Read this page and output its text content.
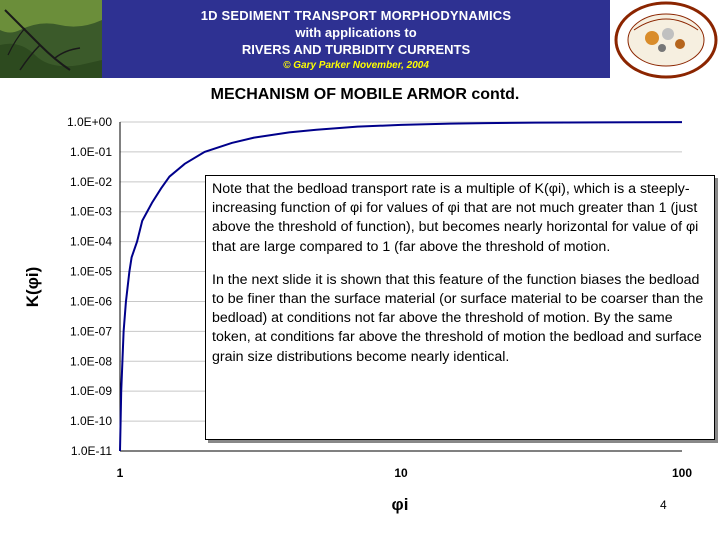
1D SEDIMENT TRANSPORT MORPHODYNAMICS
with applications to
RIVERS AND TURBIDITY CURRENTS
© Gary Parker November, 2004
MECHANISM OF MOBILE ARMOR contd.
1.0E+00
1.0E-01
1.0E-02
1.0E-03
1.0E-04
1.0E-05
1.0E-06
1.0E-07
1.0E-08
1.0E-09
1.0E-10
1.0E-11
1	10	100
K(φi)
φi

Note that the bedload transport rate is a multiple of K(φi), which is a steeply-increasing function of φi for values of φi that are not much greater than 1 (just above the threshold of function), but becomes nearly horizontal for value of φi that are large compared to 1 (far above the threshold of motion.

In the next slide it is shown that this feature of the function biases the bedload to be finer than the surface material (or surface material to be coarser than the bedload) at conditions not far above the threshold of motion. By the same token, at conditions far above the threshold of motion the bedload and surface grain size distributions become nearly identical.

4
